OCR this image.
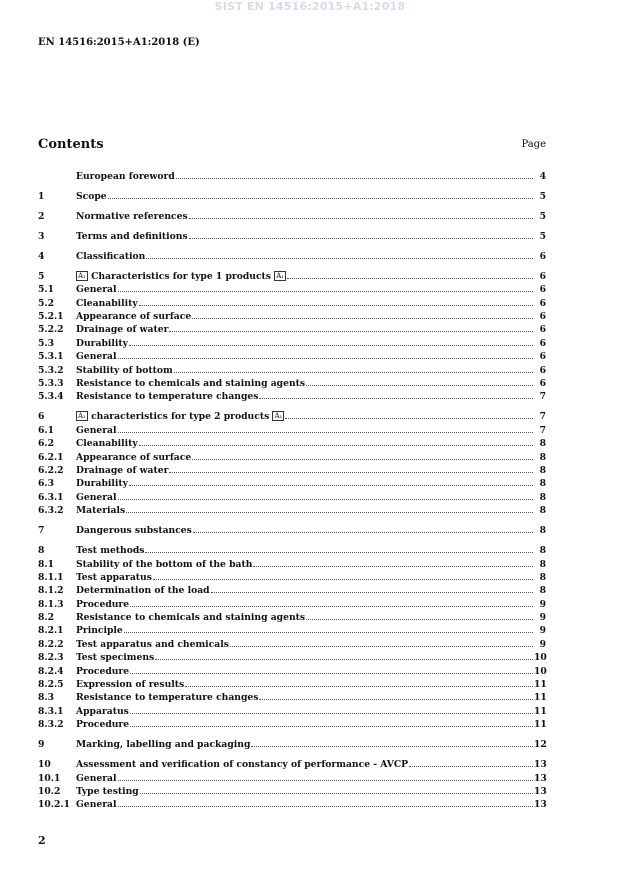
SIST EN 14516:2015+A1:2018
EN 14516:2015+A1:2018 (E)
Contents	Page
European foreword	4
1	Scope	5
2	Normative references	5
3	Terms and definitions	5
4	Classification	6
5	A₁ Characteristics for type 1 products A₁	6
5.1	General	6
5.2	Cleanability	6
5.2.1	Appearance of surface	6
5.2.2	Drainage of water	6
5.3	Durability	6
5.3.1	General	6
5.3.2	Stability of bottom	6
5.3.3	Resistance to chemicals and staining agents	6
5.3.4	Resistance to temperature changes	7
6	A₁ characteristics for type 2 products A₁	7
6.1	General	7
6.2	Cleanability	8
6.2.1	Appearance of surface	8
6.2.2	Drainage of water	8
6.3	Durability	8
6.3.1	General	8
6.3.2	Materials	8
7	Dangerous substances	8
8	Test methods	8
8.1	Stability of the bottom of the bath	8
8.1.1	Test apparatus	8
8.1.2	Determination of the load	8
8.1.3	Procedure	9
8.2	Resistance to chemicals and staining agents	9
8.2.1	Principle	9
8.2.2	Test apparatus and chemicals	9
8.2.3	Test specimens	10
8.2.4	Procedure	10
8.2.5	Expression of results	11
8.3	Resistance to temperature changes	11
8.3.1	Apparatus	11
8.3.2	Procedure	11
9	Marking, labelling and packaging	12
10	Assessment and verification of constancy of performance - AVCP	13
10.1	General	13
10.2	Type testing	13
10.2.1 General	13
2
